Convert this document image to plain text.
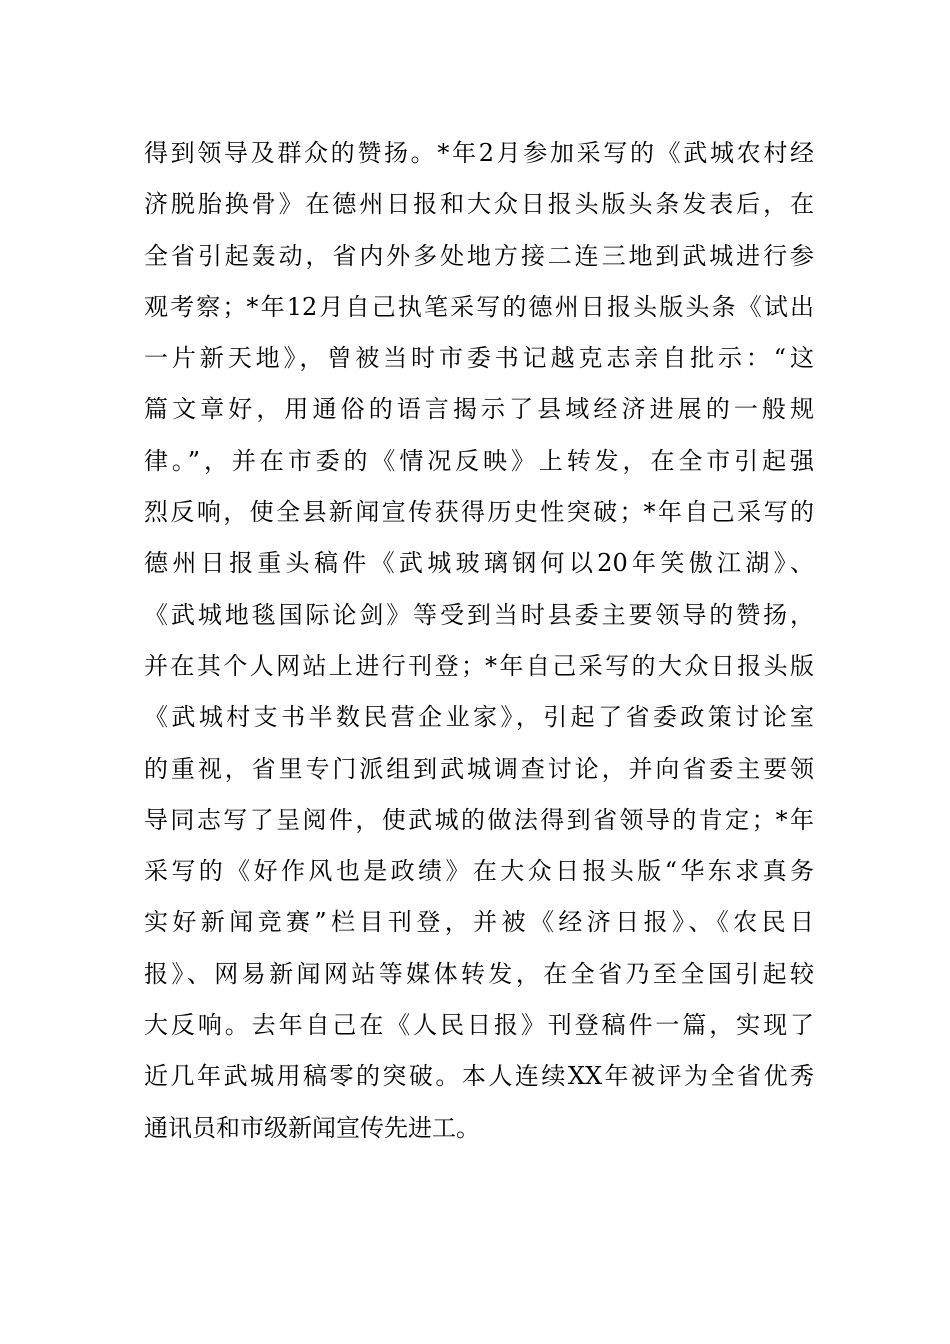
得到领导及群众的赞扬。*年2月参加采写的《武城农村经
济脱胎换骨》在德州日报和大众日报头版头条发表后，在
全省引起轰动，省内外多处地方接二连三地到武城进行参
观考察；*年12月自己执笔采写的德州日报头版头条《试出
一片新天地》，曾被当时市委书记越克志亲自批示：“这
篇文章好，用通俗的语言揭示了县域经济进展的一般规
律。”，并在市委的《情况反映》上转发，在全市引起强
烈反响，使全县新闻宣传获得历史性突破；*年自己采写的
德州日报重头稿件《武城玻璃钢何以20年笑傲江湖》、
《武城地毯国际论剑》等受到当时县委主要领导的赞扬，
并在其个人网站上进行刊登；*年自己采写的大众日报头版
《武城村支书半数民营企业家》，引起了省委政策讨论室
的重视，省里专门派组到武城调查讨论，并向省委主要领
导同志写了呈阅件，使武城的做法得到省领导的肯定；*年
采写的《好作风也是政绩》在大众日报头版“华东求真务
实好新闻竞赛”栏目刊登，并被《经济日报》、《农民日
报》、网易新闻网站等媒体转发，在全省乃至全国引起较
大反响。去年自己在《人民日报》刊登稿件一篇，实现了
近几年武城用稿零的突破。本人连续XX年被评为全省优秀
通讯员和市级新闻宣传先进工。
